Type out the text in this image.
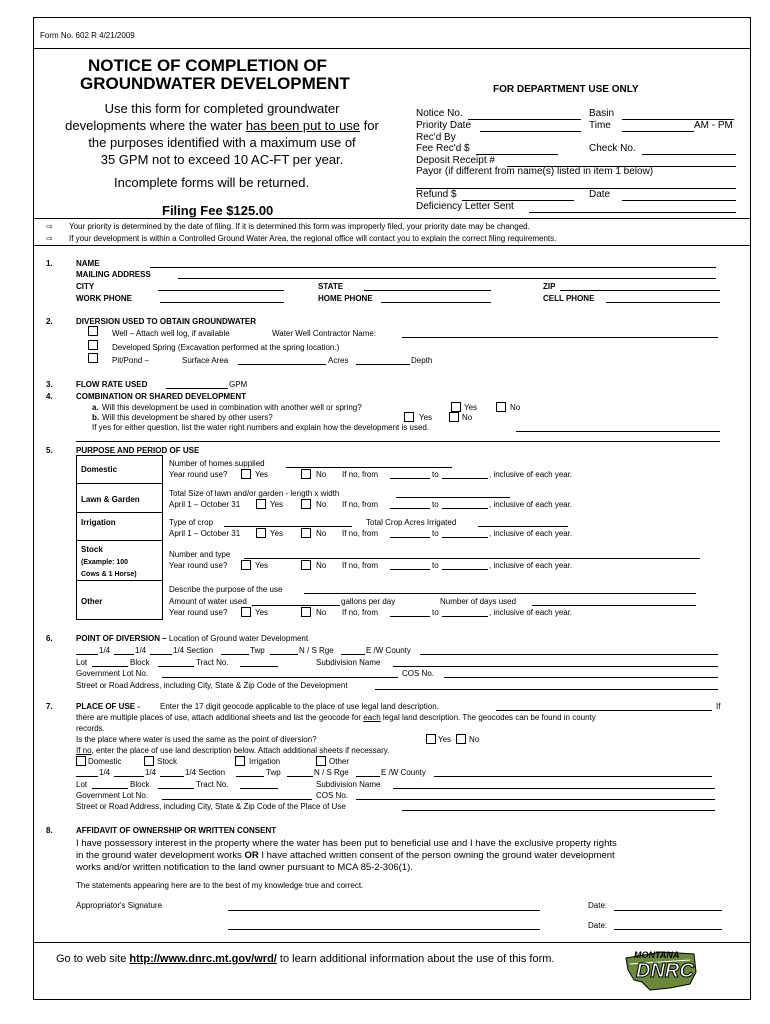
Form No. 602 R 4/21/2009
NOTICE OF COMPLETION OF
GROUNDWATER DEVELOPMENT
Use this form for completed groundwater
developments where the water has been put to use for
the purposes identified with a maximum use of
35 GPM not to exceed 10 AC-FT per year.
Incomplete forms will be returned.
Filing Fee $125.00
FOR DEPARTMENT USE ONLY
Notice No.	Basin
Priority Date	Time	AM - PM
Rec'd By
Fee Rec'd $	Check No.
Deposit Receipt #
Payor (if different from name(s) listed in item 1 below)
Refund $	Date
Deficiency Letter Sent
⇨ Your priority is determined by the date of filing. If it is determined this form was improperly filed, your priority date may be changed.
⇨ If your development is within a Controlled Ground Water Area, the regional office will contact you to explain the correct filing requirements.
1.	NAME
MAILING ADDRESS
CITY	STATE	ZIP
WORK PHONE	HOME PHONE	CELL PHONE
2.	DIVERSION USED TO OBTAIN GROUNDWATER
Well – Attach well log, if available	Water Well Contractor Name:
Developed Spring (Excavation performed at the spring location.)
Pit/Pond –	Surface Area	Acres	Depth
3.	FLOW RATE USED	GPM
4.	COMBINATION OR SHARED DEVELOPMENT
a. Will this development be used in combination with another well or spring?	Yes	No
b. Will this development be shared by other users?	Yes	No
If yes for either question, list the water right numbers and explain how the development is used.
5.	PURPOSE AND PERIOD OF USE
Domestic
Number of homes supplied
Year round use?	Yes	No If no, from	to	, inclusive of each year.
Lawn & Garden
Total Size of lawn and/or garden - length x width
April 1 – October 31	Yes	No If no, from	to	, inclusive of each year.
Irrigation	Type of crop	Total Crop Acres Irrigated
April 1 – October 31	Yes	No If no, from	to	, inclusive of each year.
Stock
(Example: 100
Cows & 1 Horse)
Number and type
Year round use?	Yes	No If no, from	to	, inclusive of each year.
Other
Describe the purpose of the use
Amount of water used	gallons per day	Number of days used
Year round use?	Yes	No If no, from	to	, inclusive of each year.
6.	POINT OF DIVERSION – Location of Ground water Development
1/4	1/4	1/4 Section	Twp	N / S Rge	E /W County
Lot	Block	Tract No.	Subdivision Name
Government Lot No.	COS No.
Street or Road Address, including City, State & Zip Code of the Development
7.	PLACE OF USE - Enter the 17 digit geocode applicable to the place of use legal land description.	If
there are multiple places of use, attach additional sheets and list the geocode for each legal land description. The geocodes can be found in county
records.
Is the place where water is used the same as the point of diversion?	Yes No
If no, enter the place of use land description below. Attach additional sheets if necessary.
Domestic	Stock	Irrigation	Other
1/4	1/4	1/4 Section	Twp	N / S Rge	E /W County
Lot	Block	Tract No.	Subdivision Name
Government Lot No.	COS No.
Street or Road Address, including City, State & Zip Code of the Place of Use
8.	AFFIDAVIT OF OWNERSHIP OR WRITTEN CONSENT
I have possessory interest in the property where the water has been put to beneficial use and I have the exclusive property rights
in the ground water development works OR I have attached written consent of the person owning the ground water development
works and/or written notification to the land owner pursuant to MCA 85-2-306(1).
The statements appearing here are to the best of my knowledge true and correct.
Appropriator's Signature	Date:
Date:
Go to web site http://www.dnrc.mt.gov/wrd/ to learn additional information about the use of this form.	MONTANA
DNRC
